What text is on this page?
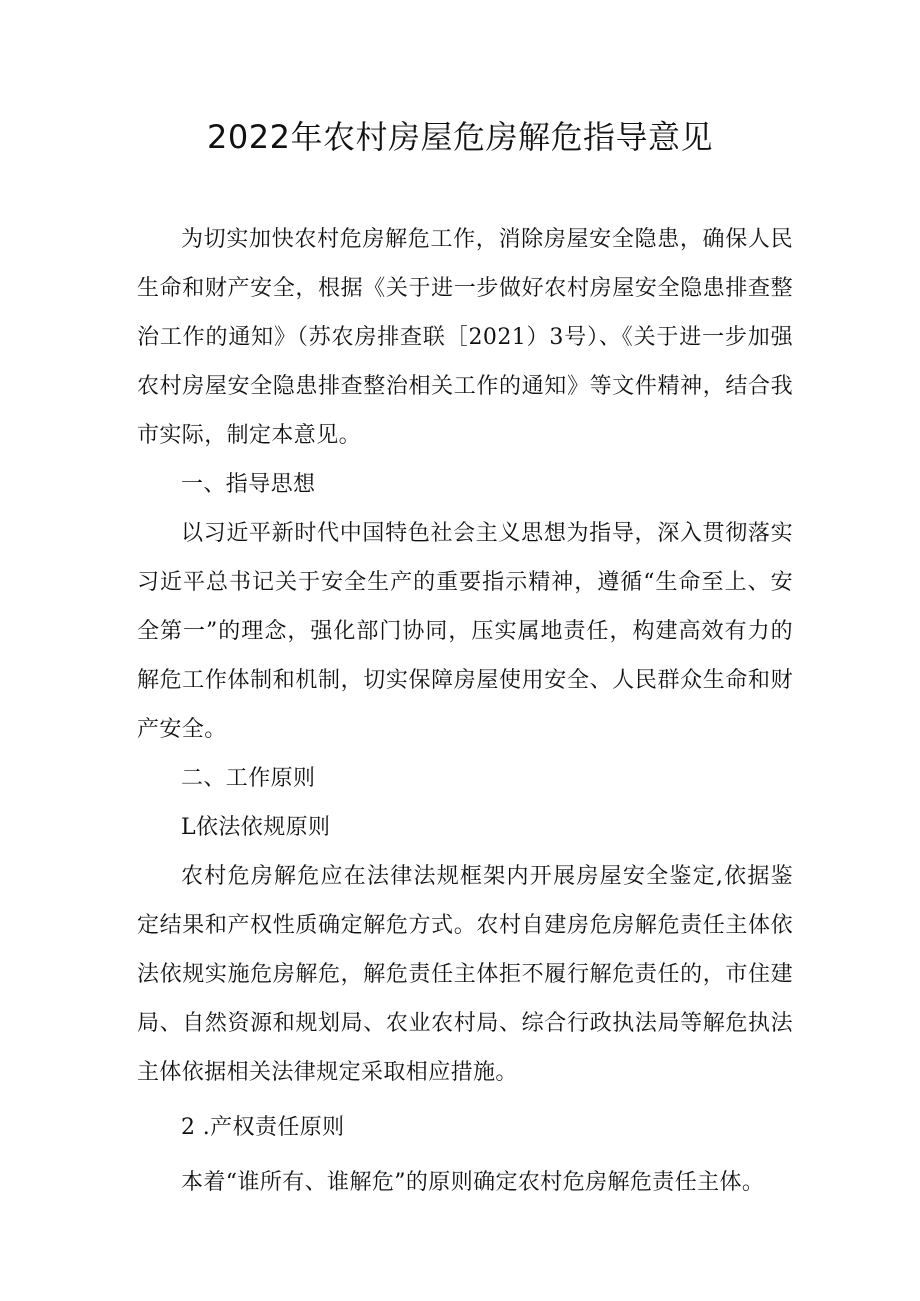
2022年农村房屋危房解危指导意见

为切实加快农村危房解危工作，消除房屋安全隐患，确保人民生命和财产安全，根据《关于进一步做好农村房屋安全隐患排查整治工作的通知》（苏农房排查联［2021）3号）、《关于进一步加强农村房屋安全隐患排查整治相关工作的通知》等文件精神，结合我市实际，制定本意见。

一、指导思想

以习近平新时代中国特色社会主义思想为指导，深入贯彻落实习近平总书记关于安全生产的重要指示精神，遵循“生命至上、安全第一”的理念，强化部门协同，压实属地责任，构建高效有力的解危工作体制和机制，切实保障房屋使用安全、人民群众生命和财产安全。

二、工作原则

L依法依规原则

农村危房解危应在法律法规框架内开展房屋安全鉴定,依据鉴定结果和产权性质确定解危方式。农村自建房危房解危责任主体依法依规实施危房解危，解危责任主体拒不履行解危责任的，市住建局、自然资源和规划局、农业农村局、综合行政执法局等解危执法主体依据相关法律规定采取相应措施。

2 .产权责任原则

本着“谁所有、谁解危”的原则确定农村危房解危责任主体。
